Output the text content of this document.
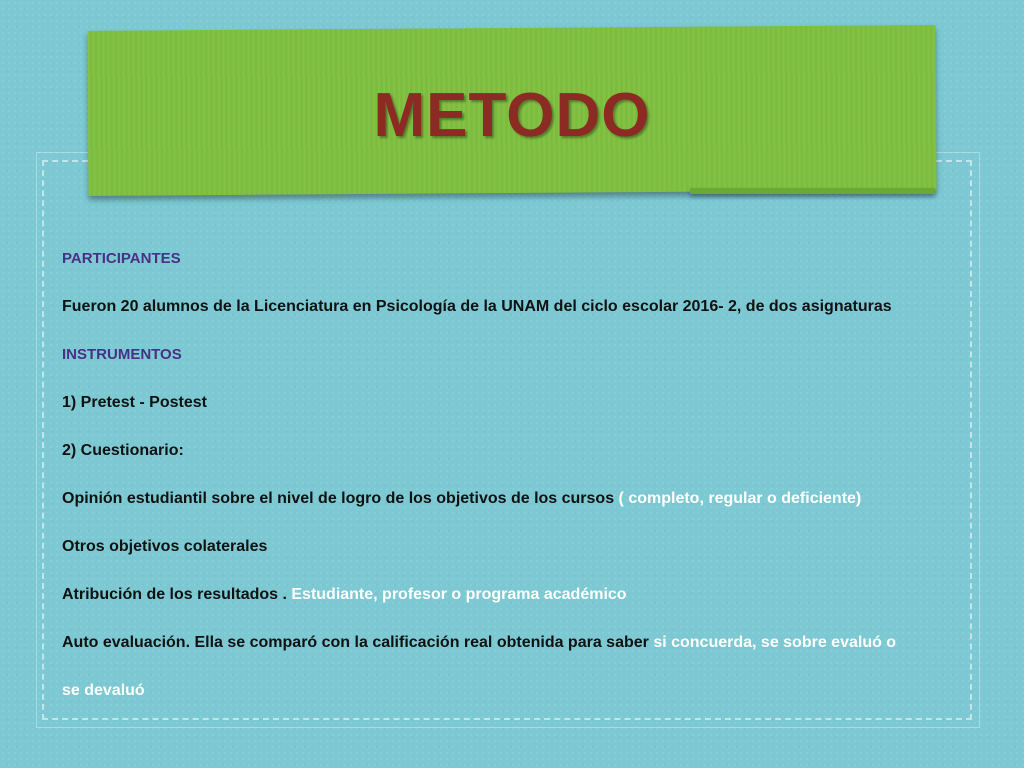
METODO

PARTICIPANTES

Fueron 20 alumnos de la Licenciatura en Psicología de la UNAM del ciclo escolar 2016- 2, de dos asignaturas

INSTRUMENTOS

1) Pretest - Postest

2) Cuestionario:

Opinión estudiantil sobre el nivel de logro de los objetivos de los cursos ( completo, regular o deficiente)

Otros objetivos colaterales

Atribución de los resultados . Estudiante, profesor o programa académico

Auto evaluación. Ella se comparó con la calificación real obtenida para saber si concuerda, se sobre evaluó o

se devaluó
